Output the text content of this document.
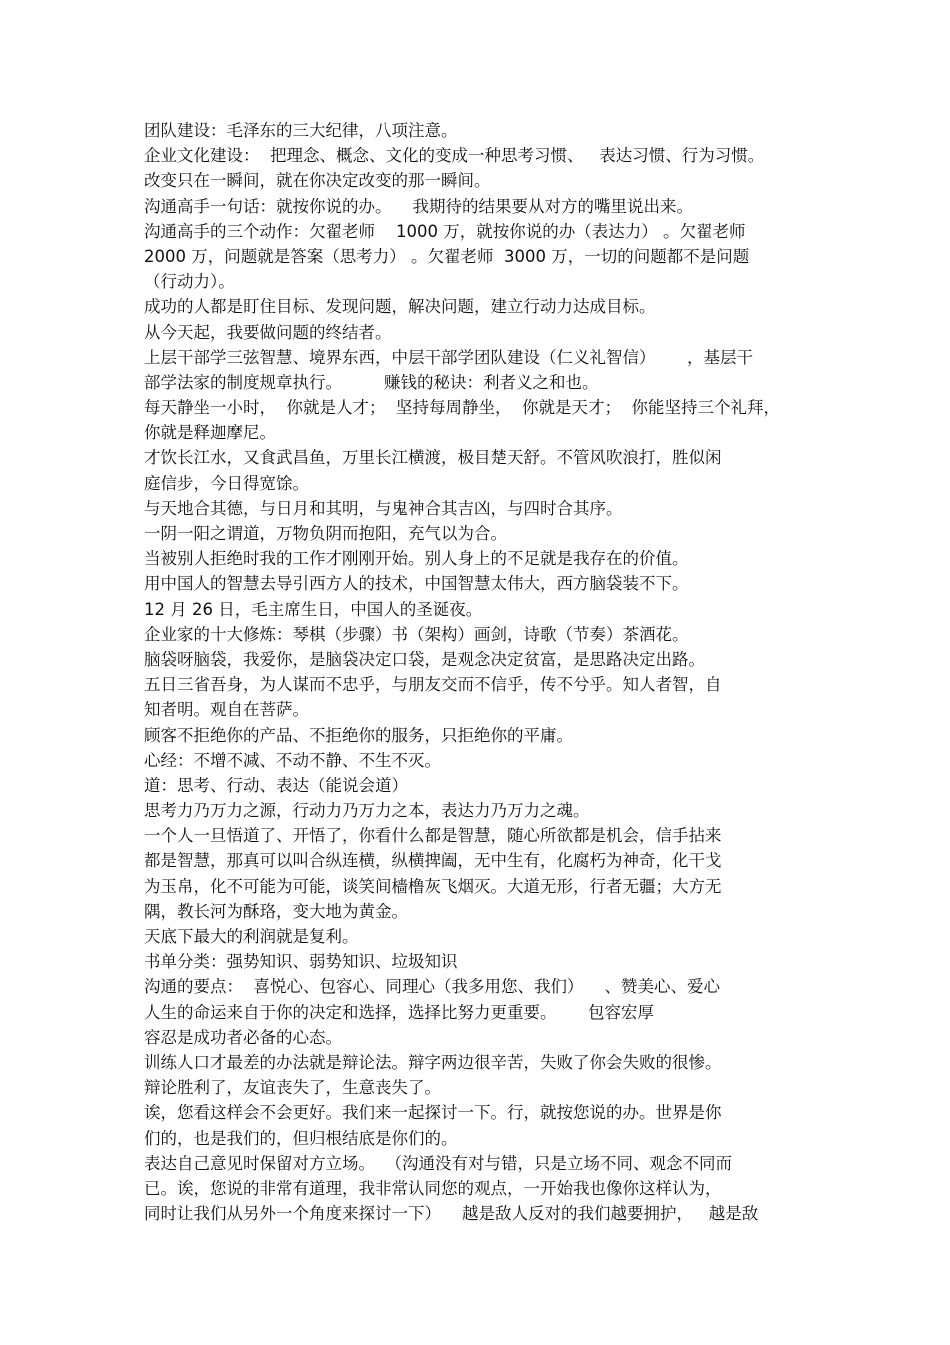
团队建设：毛泽东的三大纪律，八项注意。
企业文化建设：  把理念、概念、文化的变成一种思考习惯、   表达习惯、行为习惯。
改变只在一瞬间，就在你决定改变的那一瞬间。
沟通高手一句话：就按你说的办。    我期待的结果要从对方的嘴里说出来。
沟通高手的三个动作：欠翟老师    1000 万，就按你说的办（表达力） 。欠翟老师
2000 万，问题就是答案（思考力） 。欠翟老师  3000 万，一切的问题都不是问题
（行动力）。
成功的人都是盯住目标、发现问题，解决问题，建立行动力达成目标。
从今天起，我要做问题的终结者。
上层干部学三弦智慧、境界东西，中层干部学团队建设（仁义礼智信）      ，基层干
部学法家的制度规章执行。        赚钱的秘诀：利者义之和也。
每天静坐一小时，  你就是人才；  坚持每周静坐，  你就是天才；  你能坚持三个礼拜，
你就是释迦摩尼。
才饮长江水，又食武昌鱼，万里长江横渡，极目楚天舒。不管风吹浪打，胜似闲
庭信步，今日得宽馀。
与天地合其德，与日月和其明，与鬼神合其吉凶，与四时合其序。
一阴一阳之谓道，万物负阴而抱阳，充气以为合。
当被别人拒绝时我的工作才刚刚开始。别人身上的不足就是我存在的价值。
用中国人的智慧去导引西方人的技术，中国智慧太伟大，西方脑袋装不下。
12 月 26 日，毛主席生日，中国人的圣诞夜。
企业家的十大修炼：琴棋（步骤）书（架构）画剑，诗歌（节奏）茶酒花。
脑袋呀脑袋，我爱你，是脑袋决定口袋，是观念决定贫富，是思路决定出路。
五日三省吾身，为人谋而不忠乎，与朋友交而不信乎，传不兮乎。知人者智，自
知者明。观自在菩萨。
顾客不拒绝你的产品、不拒绝你的服务，只拒绝你的平庸。
心经：不增不减、不动不静、不生不灭。
道：思考、行动、表达（能说会道）
思考力乃万力之源，行动力乃万力之本，表达力乃万力之魂。
一个人一旦悟道了、开悟了，你看什么都是智慧，随心所欲都是机会，信手拈来
都是智慧，那真可以叫合纵连横，纵横捭阖，无中生有，化腐朽为神奇，化干戈
为玉帛，化不可能为可能，谈笑间樯橹灰飞烟灭。大道无形，行者无疆；大方无
隅，教长河为酥珞，变大地为黄金。
天底下最大的利润就是复利。
书单分类：强势知识、弱势知识、垃圾知识
沟通的要点：  喜悦心、包容心、同理心（我多用您、我们）    、赞美心、爱心
人生的命运来自于你的决定和选择，选择比努力更重要。      包容宏厚
容忍是成功者必备的心态。
训练人口才最差的办法就是辩论法。辩字两边很辛苦，失败了你会失败的很惨。
辩论胜利了，友谊丧失了，生意丧失了。
诶，您看这样会不会更好。我们来一起探讨一下。行，就按您说的办。世界是你
们的，也是我们的，但归根结底是你们的。
表达自己意见时保留对方立场。  （沟通没有对与错，只是立场不同、观念不同而
已。诶，您说的非常有道理，我非常认同您的观点，一开始我也像你这样认为，
同时让我们从另外一个角度来探讨一下）    越是敌人反对的我们越要拥护，   越是敌
